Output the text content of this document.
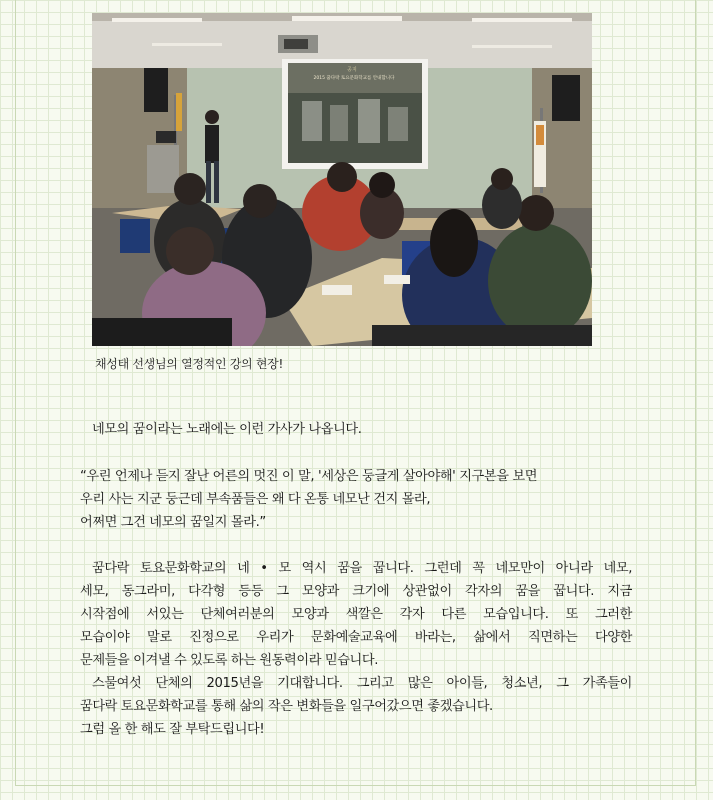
공지
2015 꿈다락 토요문화학교를 안내합니다
채성태 선생님의 열정적인 강의 현장!
네모의 꿈이라는 노래에는 이런 가사가 나옵니다.
“우린 언제나 듣지 잘난 어른의 멋진 이 말, '세상은 둥글게 살아야해' 지구본을 보면
우리 사는 지군 둥근데 부속품들은 왜 다 온통 네모난 건지 몰라,
어쩌면 그건 네모의 꿈일지 몰라.”
꿈다락 토요문화학교의 네 • 모 역시 꿈을 꿉니다. 그런데 꼭 네모만이 아니라 네모,
세모, 동그라미, 다각형 등등 그 모양과 크기에 상관없이 각자의 꿈을 꿉니다. 지금
시작점에 서있는 단체여러분의 모양과 색깔은 각자 다른 모습입니다. 또 그러한
모습이야 말로 진정으로 우리가 문화예술교육에 바라는, 삶에서 직면하는 다양한
문제들을 이겨낼 수 있도록 하는 원동력이라 믿습니다.
스물여섯 단체의 2015년을 기대합니다. 그리고 많은 아이들, 청소년, 그 가족들이
꿈다락 토요문화학교를 통해 삶의 작은 변화들을 일구어갔으면 좋겠습니다.
그럼 올 한 해도 잘 부탁드립니다!
